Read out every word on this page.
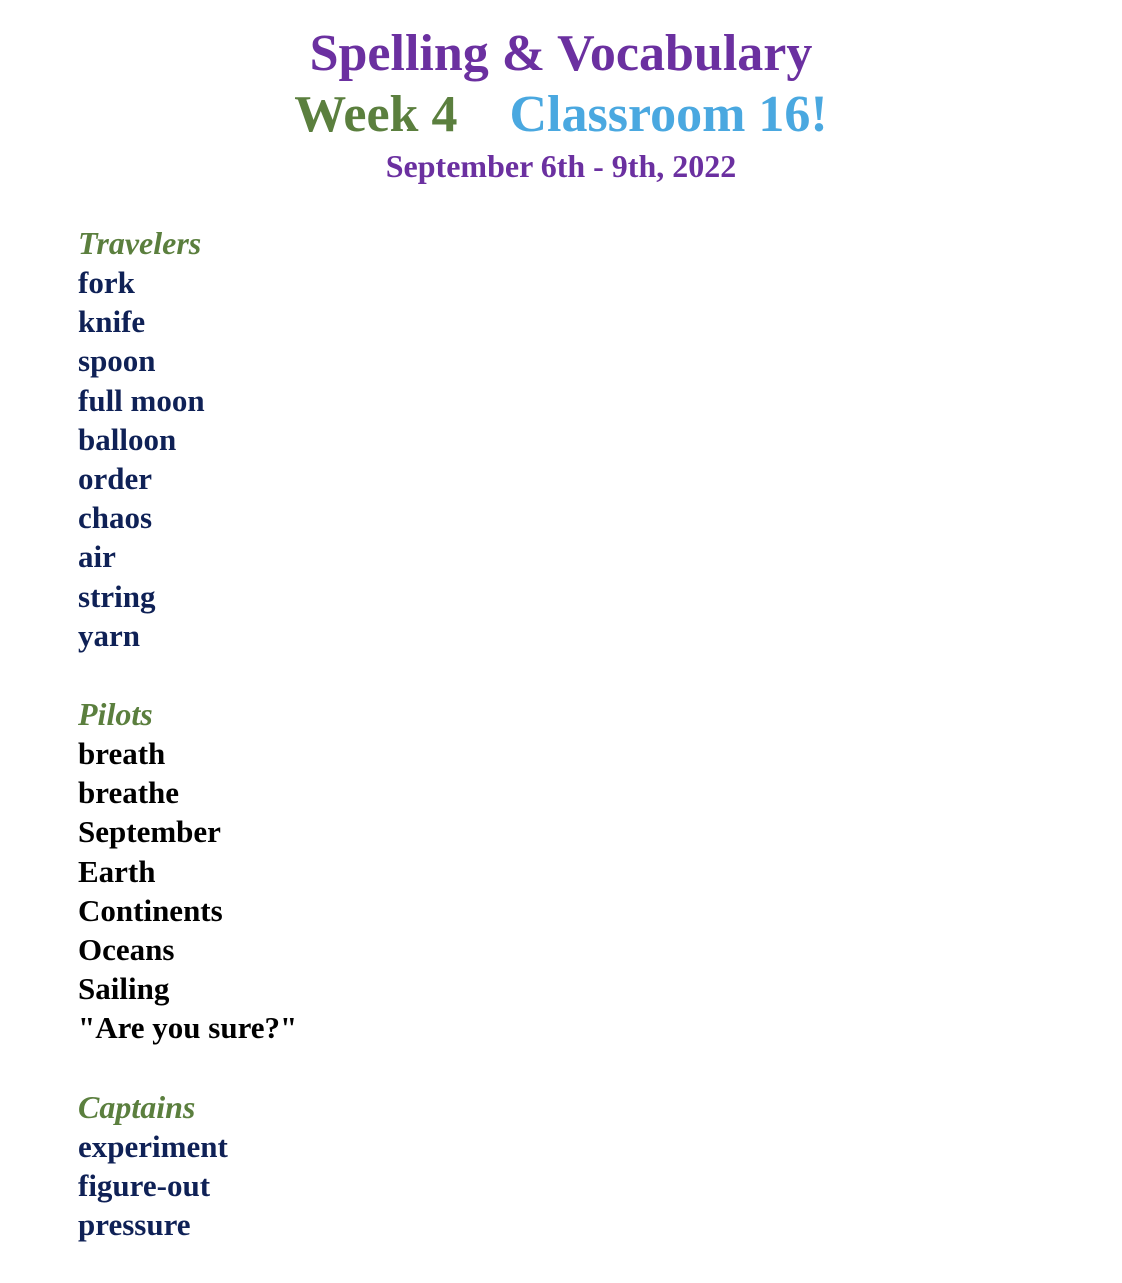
Spelling & Vocabulary
Week 4 Classroom 16!
September 6th - 9th, 2022
Travelers
fork
knife
spoon
full moon
balloon
order
chaos
air
string
yarn
Pilots
breath
breathe
September
Earth
Continents
Oceans
Sailing
"Are you sure?"
Captains
experiment
figure-out
pressure
